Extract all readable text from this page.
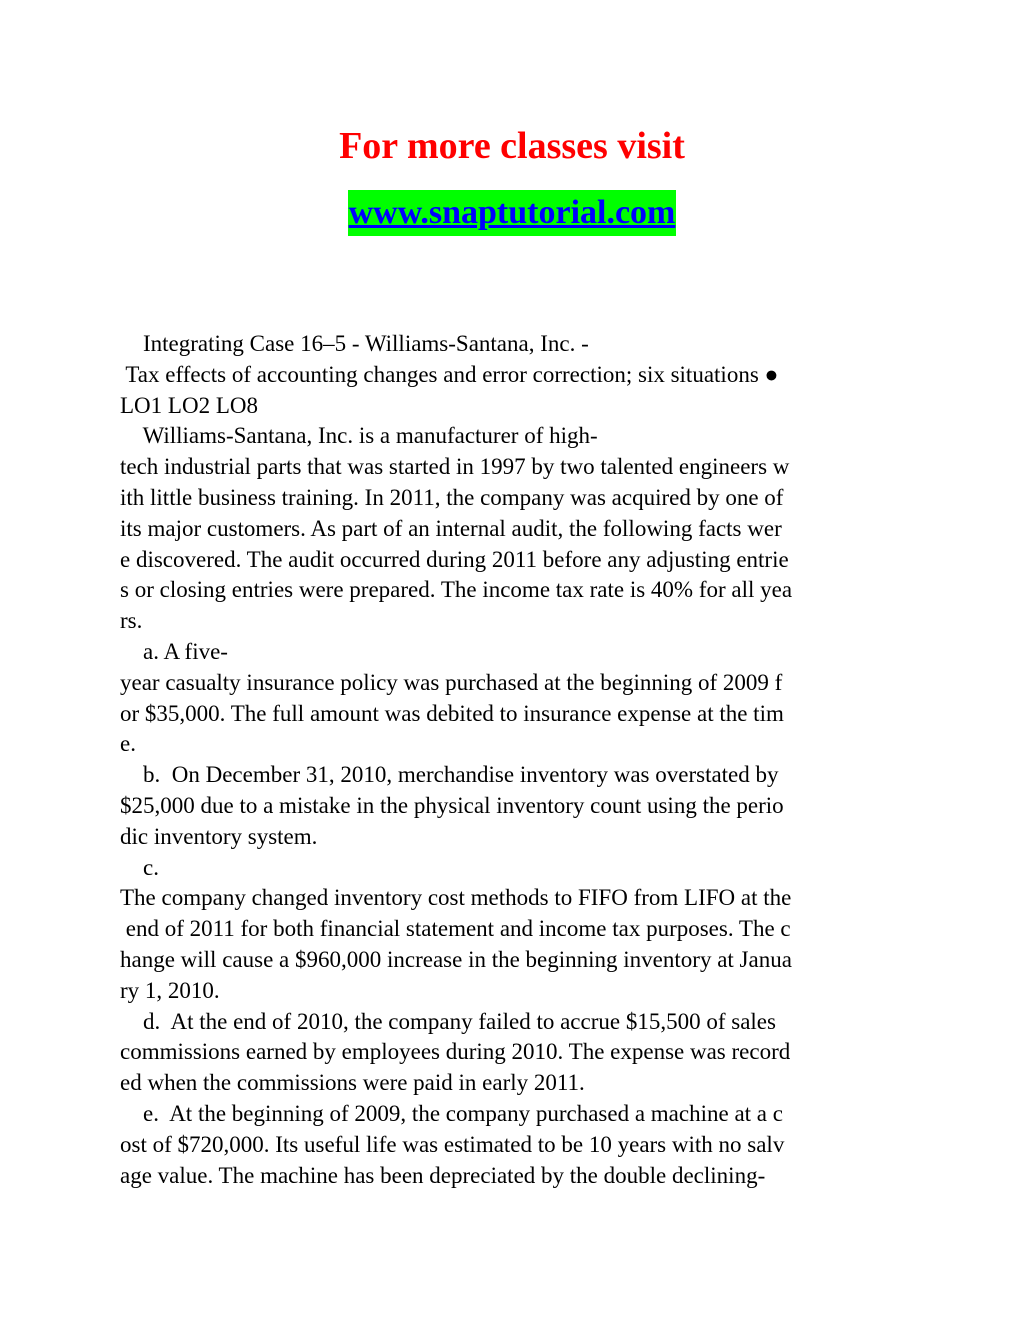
For more classes visit
www.snaptutorial.com
Integrating Case 16–5 - Williams-Santana, Inc. -
Tax effects of accounting changes and error correction; six situations ●
LO1 LO2 LO8
Williams-Santana, Inc. is a manufacturer of high-
tech industrial parts that was started in 1997 by two talented engineers w
ith little business training. In 2011, the company was acquired by one of
its major customers. As part of an internal audit, the following facts wer
e discovered. The audit occurred during 2011 before any adjusting entrie
s or closing entries were prepared. The income tax rate is 40% for all yea
rs.
a. A five-
year casualty insurance policy was purchased at the beginning of 2009 f
or $35,000. The full amount was debited to insurance expense at the tim
e.
b.  On December 31, 2010, merchandise inventory was overstated by
$25,000 due to a mistake in the physical inventory count using the perio
dic inventory system.
c.
The company changed inventory cost methods to FIFO from LIFO at the
end of 2011 for both financial statement and income tax purposes. The c
hange will cause a $960,000 increase in the beginning inventory at Janua
ry 1, 2010.
d.  At the end of 2010, the company failed to accrue $15,500 of sales
commissions earned by employees during 2010. The expense was record
ed when the commissions were paid in early 2011.
e.  At the beginning of 2009, the company purchased a machine at a c
ost of $720,000. Its useful life was estimated to be 10 years with no salv
age value. The machine has been depreciated by the double declining-
